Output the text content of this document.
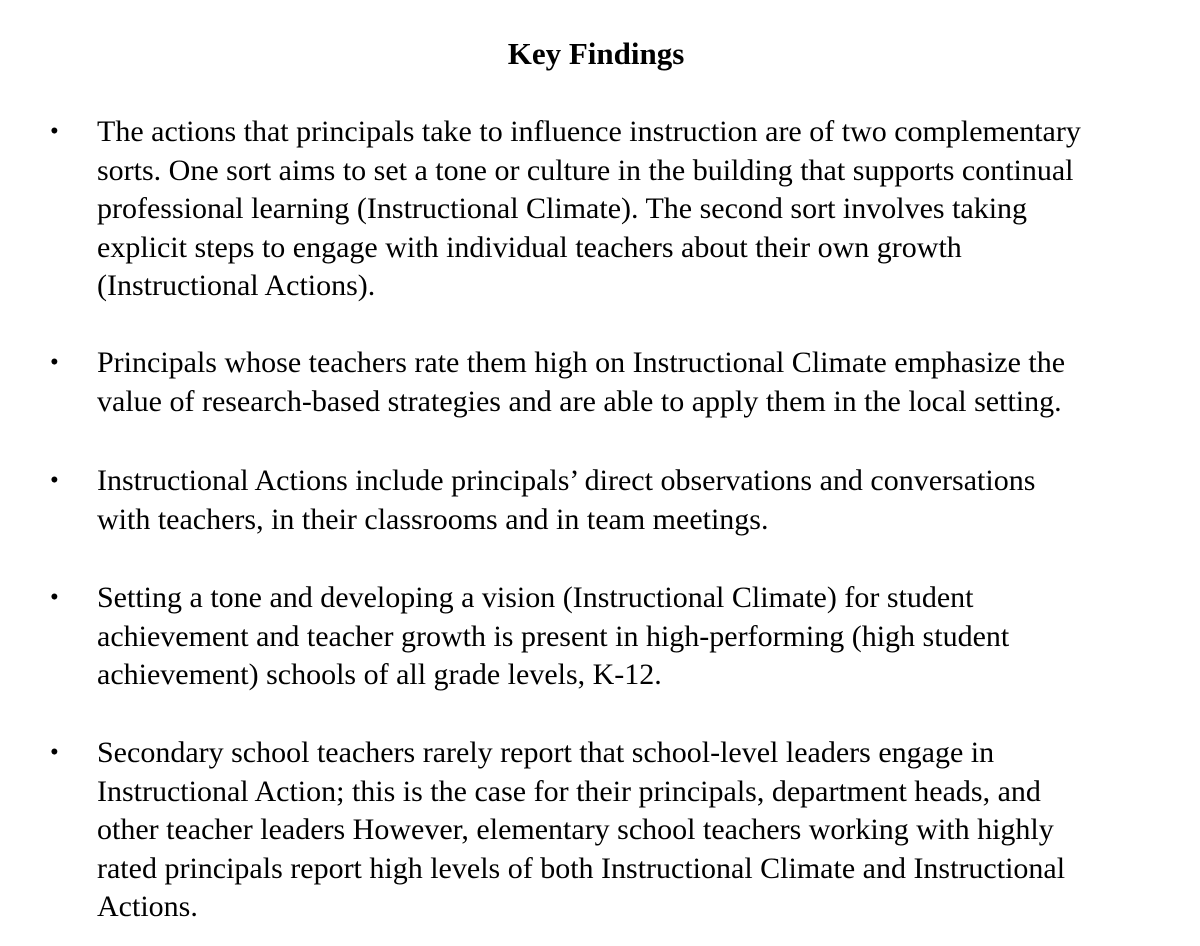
Key Findings
• The actions that principals take to influence instruction are of two complementary
sorts. One sort aims to set a tone or culture in the building that supports continual
professional learning (Instructional Climate). The second sort involves taking
explicit steps to engage with individual teachers about their own growth
(Instructional Actions).

• Principals whose teachers rate them high on Instructional Climate emphasize the
value of research-based strategies and are able to apply them in the local setting.

• Instructional Actions include principals’ direct observations and conversations
with teachers, in their classrooms and in team meetings.

• Setting a tone and developing a vision (Instructional Climate) for student
achievement and teacher growth is present in high-performing (high student
achievement) schools of all grade levels, K-12.

• Secondary school teachers rarely report that school-level leaders engage in
Instructional Action; this is the case for their principals, department heads, and
other teacher leaders However, elementary school teachers working with highly
rated principals report high levels of both Instructional Climate and Instructional
Actions.
